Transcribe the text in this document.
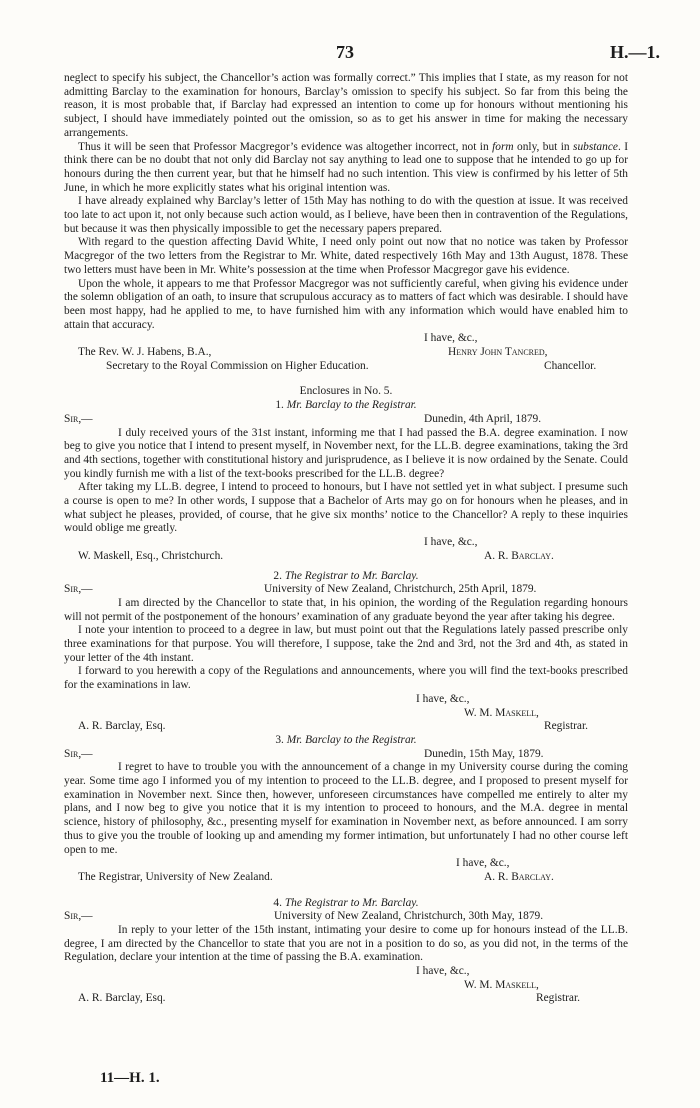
73	H.—1.

neglect to specify his subject, the Chancellor’s action was formally correct.” This implies that I state, as my reason for not admitting Barclay to the examination for honours, Barclay’s omission to specify his subject. So far from this being the reason, it is most probable that, if Barclay had expressed an intention to come up for honours without mentioning his subject, I should have immediately pointed out the omission, so as to get his answer in time for making the necessary arrangements.

Thus it will be seen that Professor Macgregor’s evidence was altogether incorrect, not in form only, but in substance. I think there can be no doubt that not only did Barclay not say anything to lead one to suppose that he intended to go up for honours during the then current year, but that he himself had no such intention. This view is confirmed by his letter of 5th June, in which he more explicitly states what his original intention was.

I have already explained why Barclay’s letter of 15th May has nothing to do with the question at issue. It was received too late to act upon it, not only because such action would, as I believe, have been then in contravention of the Regulations, but because it was then physically impossible to get the necessary papers prepared.

With regard to the question affecting David White, I need only point out now that no notice was taken by Professor Macgregor of the two letters from the Registrar to Mr. White, dated respectively 16th May and 13th August, 1878. These two letters must have been in Mr. White’s possession at the time when Professor Macgregor gave his evidence.

Upon the whole, it appears to me that Professor Macgregor was not sufficiently careful, when giving his evidence under the solemn obligation of an oath, to insure that scrupulous accuracy as to matters of fact which was desirable. I should have been most happy, had he applied to me, to have furnished him with any information which would have enabled him to attain that accuracy.

I have, &c.,
The Rev. W. J. Habens, B.A.,	Henry John Tancred,
Secretary to the Royal Commission on Higher Education.	Chancellor.
Enclosures in No. 5.
1. Mr. Barclay to the Registrar.
Sir,—	Dunedin, 4th April, 1879.

I duly received yours of the 31st instant, informing me that I had passed the B.A. degree examination. I now beg to give you notice that I intend to present myself, in November next, for the LL.B. degree examinations, taking the 3rd and 4th sections, together with constitutional history and jurisprudence, as I believe it is now ordained by the Senate. Could you kindly furnish me with a list of the text-books prescribed for the LL.B. degree?

After taking my LL.B. degree, I intend to proceed to honours, but I have not settled yet in what subject. I presume such a course is open to me? In other words, I suppose that a Bachelor of Arts may go on for honours when he pleases, and in what subject he pleases, provided, of course, that he give six months’ notice to the Chancellor? A reply to these inquiries would oblige me greatly.

I have, &c.,
W. Maskell, Esq., Christchurch.	A. R. Barclay.
2. The Registrar to Mr. Barclay.
Sir,—	University of New Zealand, Christchurch, 25th April, 1879.

I am directed by the Chancellor to state that, in his opinion, the wording of the Regulation regarding honours will not permit of the postponement of the honours’ examination of any graduate beyond the year after taking his degree.

I note your intention to proceed to a degree in law, but must point out that the Regulations lately passed prescribe only three examinations for that purpose. You will therefore, I suppose, take the 2nd and 3rd, not the 3rd and 4th, as stated in your letter of the 4th instant.

I forward to you herewith a copy of the Regulations and announcements, where you will find the text-books prescribed for the examinations in law.

I have, &c.,
W. M. Maskell,
A. R. Barclay, Esq.	Registrar.
3. Mr. Barclay to the Registrar.
Sir,—	Dunedin, 15th May, 1879.

I regret to have to trouble you with the announcement of a change in my University course during the coming year. Some time ago I informed you of my intention to proceed to the LL.B. degree, and I proposed to present myself for examination in November next. Since then, however, unforeseen circumstances have compelled me entirely to alter my plans, and I now beg to give you notice that it is my intention to proceed to honours, and the M.A. degree in mental science, history of philosophy, &c., presenting myself for examination in November next, as before announced. I am sorry thus to give you the trouble of looking up and amending my former intimation, but unfortunately I had no other course left open to me.

I have, &c.,
The Registrar, University of New Zealand.	A. R. Barclay.
4. The Registrar to Mr. Barclay.
Sir,—	University of New Zealand, Christchurch, 30th May, 1879.

In reply to your letter of the 15th instant, intimating your desire to come up for honours instead of the LL.B. degree, I am directed by the Chancellor to state that you are not in a position to do so, as you did not, in the terms of the Regulation, declare your intention at the time of passing the B.A. examination.

I have, &c.,
W. M. Maskell,
A. R. Barclay, Esq.	Registrar.
11—H. 1.
